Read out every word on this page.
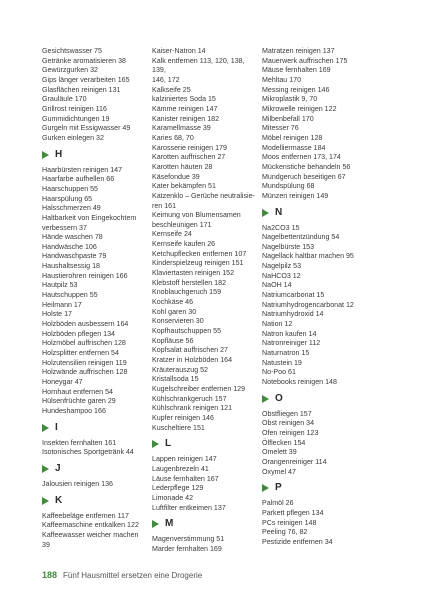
Gesichtswasser 75
Getränke aromatisieren 38
Gewürzgurken 32
Gips länger verarbeiten 165
Glasflächen reinigen 131
Grauläule 170
Grillrost reinigen 116
Gummidichtungen 19
Gurgeln mit Essigwasser 49
Gurken einlegen 32
H
Haarbürsten reinigen 147
Haarfarbe aufhellen 66
Haarschuppen 55
Haarspülung 65
Halsschmerzen 49
Haltbarkeit von Eingekochtem
verbessern 37
Hände waschen 78
Handwäsche 106
Handwaschpaste 79
Haushaltsessig 18
Haustierohren reinigen 166
Hautpilz 53
Hautschuppen 55
Heilmann 17
Holste 17
Holzböden ausbessern 164
Holzböden pflegen 134
Holzmöbel auffrischen 128
Holzsplitter entfernen 54
Holzutensilien reinigen 119
Holzwände auffrischen 128
Honeygar 47
Hornhaut entfernen 54
Hülsenfrüchte garen 29
Hundeshampoo 166
I
Insekten fernhalten 161
Isotonisches Sportgetränk 44
J
Jalousien reinigen 136
K
Kaffeebeläge entfernen 117
Kaffeemaschine entkalken 122
Kaffeewasser weicher machen 39
Kaiser-Natron 14
Kalk entfernen 113, 120, 138, 139,
146, 172
Kalkseife 25
kalziniertes Soda 15
Kämme reinigen 147
Kanister reinigen 182
Karamellmasse 39
Karies 68, 70
Karosserie reinigen 179
Karotten auffrischen 27
Karotten häuten 28
Käsefondue 39
Kater bekämpfen 51
Katzenklo – Gerüche neutralisie-
ren 161
Keimung von Blumensamen
beschleunigen 171
Kernseife 24
Kernseife kaufen 26
Ketchupflecken entfernen 107
Kinderspielzeug reinigen 151
Klaviertasten reinigen 152
Klebstoff herstellen 182
Knoblauchgeruch 159
Kochkäse 46
Kohl garen 30
Konservieren 30
Kopfhautschuppen 55
Kopfläuse 56
Kopfsalat auffrischen 27
Kratzer in Holzböden 164
Kräuterauszug 52
Kristallsoda 15
Kugelschreiber entfernen 129
Kühlschrankgeruch 157
Kühlschrank reinigen 121
Kupfer reinigen 146
Kuscheltiere 151
L
Lappen reinigen 147
Laugenbrezeln 41
Läuse fernhalten 167
Lederpflege 129
Limonade 42
Luftfilter entkeimen 137
M
Magenverstimmung 51
Marder fernhalten 169
Matratzen reinigen 137
Mauerwerk auffrischen 175
Mäuse fernhalten 169
Mehltau 170
Messing reinigen 146
Mikroplastik 9, 70
Mikrowelle reinigen 122
Milbenbefall 170
Mitesser 76
Möbel reinigen 128
Modelliermasse 184
Moos entfernen 173, 174
Mückenstiche behandeln 56
Mundgeruch beseitigen 67
Mundspülung 68
Münzen reinigen 149
N
Na2CO3 15
Nagelbettentzündung 54
Nagelbürste 153
Nagellack haltbar machen 95
Nagelpilz 53
NaHCO3 12
NaOH 14
Natriumcarbonat 15
Natriumhydrogencarbonat 12
Natriumhydroxid 14
Nation 12
Natron kaufen 14
Natronreiniger 112
Naturnatron 15
Natustein 19
No-Poo 61
Notebooks reinigen 148
O
Obstfliegen 157
Obst reinigen 34
Ofen reinigen 123
Ölflecken 154
Omelett 39
Orangenreiniger 114
Oxymel 47
P
Palmöl 26
Parkett pflegen 134
PCs reinigen 148
Peeling 76, 82
Pestizide entfernen 34
188 Fünf Hausmittel ersetzen eine Drogerie
